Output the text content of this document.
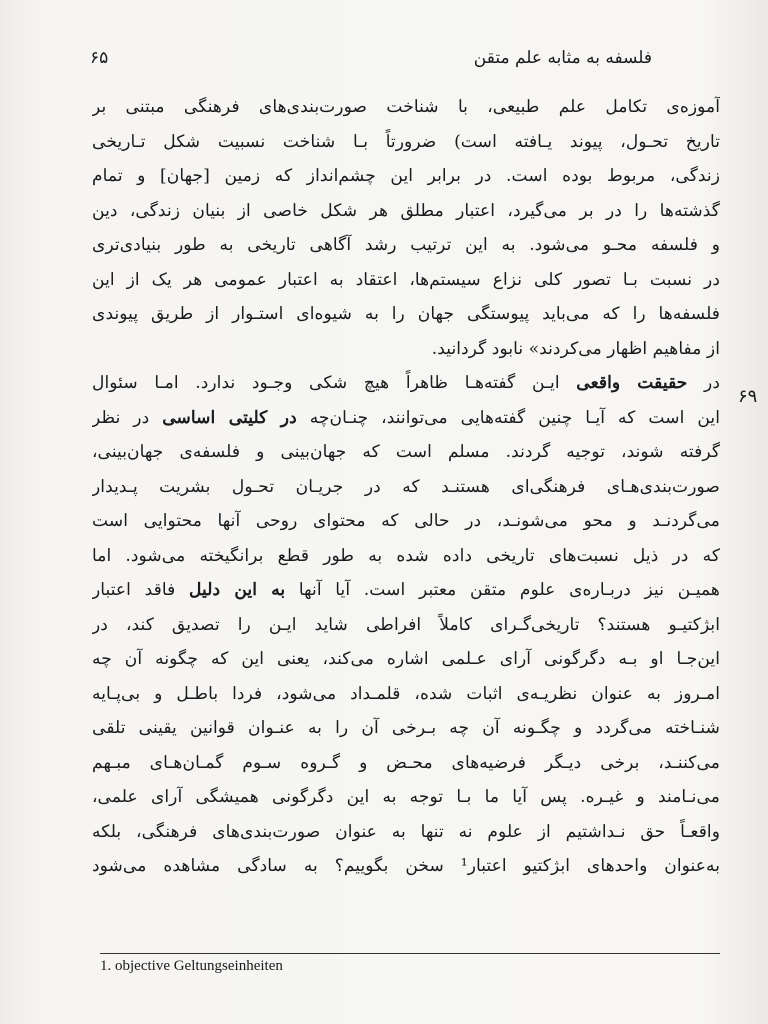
فلسفه به مثابه علم متقن
۶۵
۶۹
آموزه‌ی تکامل علم طبیعی، با شناخت صورت‌بندی‌های فرهنگی مبتنی بر
تاریخ تحـول، پیوند یـافته است) ضرورتاً بـا شناخت نسبیت شکل تـاریخی
زندگی، مربوط بوده است. در برابر این چشم‌انداز که زمین [جهان] و تمام
گذشته‌ها را در بر می‌گیرد، اعتبار مطلق هر شکل خاصی از بنیان زندگی، دین
و فلسفه محـو می‌شود. به این ترتیب رشد آگاهی تاریخی به طور بنیادی‌تری
در نسبت بـا تصور کلی نزاع سیستم‌ها، اعتقاد به اعتبار عمومی هر یک از این
فلسفه‌ها را که می‌باید پیوستگی جهان را به شیوه‌ای استـوار از طریق پیوندی
از مفاهیم اظهار می‌کردند» نابود گردانید.
در حقیقت واقعی ایـن گفته‌هـا ظاهراً هیچ شکی وجـود ندارد. امـا سئوال
این است که آیـا چنین گفته‌هایی می‌توانند، چنـان‌چه در کلیتی اساسی در نظر
گرفته شوند، توجیه گردند. مسلم است که جهان‌بینی و فلسفه‌ی جهان‌بینی،
صورت‌بندی‌هـای فرهنگی‌ای هستنـد که در جریـان تحـول بشریت پـدیدار
می‌گردنـد و محو می‌شونـد، در حالی که محتوای روحی آنها محتوایی است
که در ذیل نسبت‌های تاریخی داده شده به طور قطع برانگیخته می‌شود. اما
همیـن نیز دربـاره‌ی علوم متقن معتبر است. آیا آنها به این دلیل فاقد اعتبار
ابژکتیـو هستند؟ تاریخی‌گـرای کاملاً افراطی شاید ایـن را تصدیق کند، در
این‌جـا او بـه دگرگونی آرای عـلمی اشاره می‌کند، یعنی این که چگونه آن چه
امـروز به عنوان نظریـه‌ی اثبات شده، قلمـداد می‌شود، فردا باطـل و بی‌پـایه
شنـاخته می‌گردد و چگـونه آن چه بـرخی آن را به عنـوان قوانین یقینی تلقی
می‌کننـد، برخی دیـگر فرضیه‌های محـض و گـروه سـوم گمـان‌هـای مبـهم
می‌نـامند و غیـره. پس آیا ما بـا توجه به این دگرگونی همیشگی آرای علمی،
واقعـاً حق نـداشتیم از علوم نه تنها به عنوان صورت‌بندی‌های فرهنگی، بلکه
به‌عنوان واحدهای ابژکتیو اعتبار¹ سخن بگوییم؟ به سادگی مشاهده می‌شود
1. objective Geltungseinheiten
